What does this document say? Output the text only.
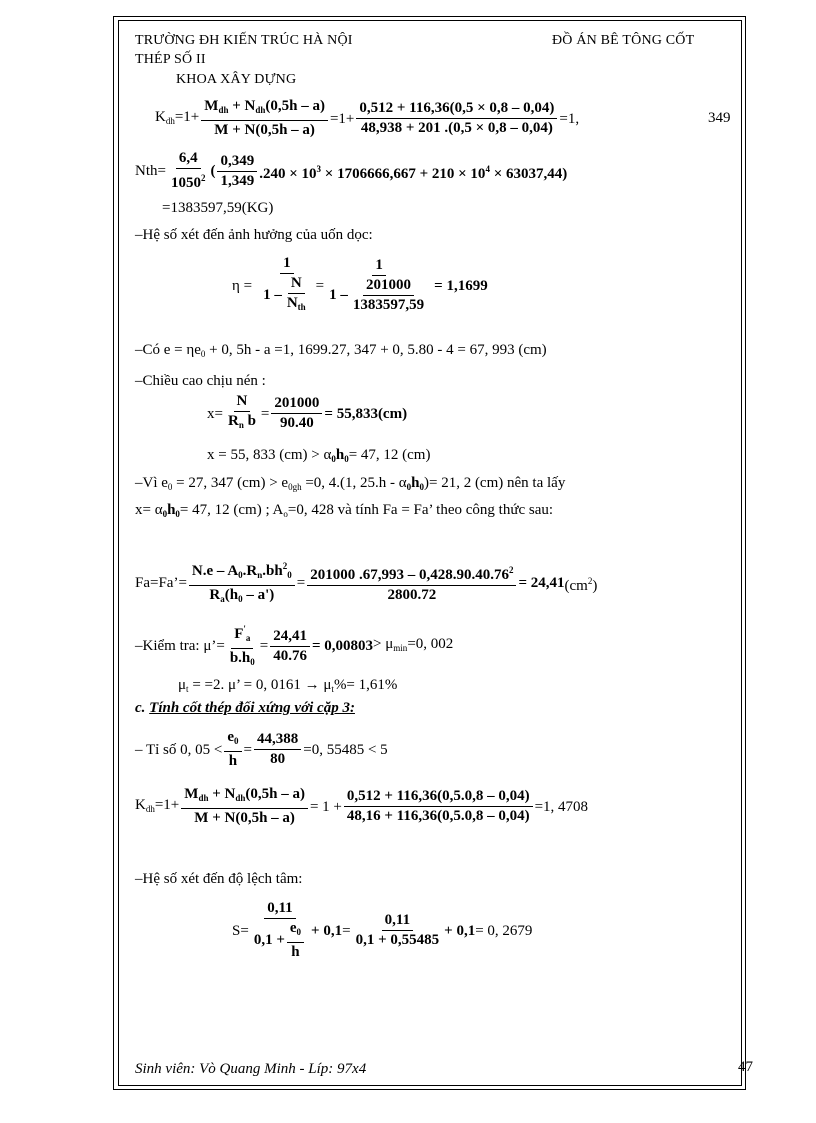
TRƯỜNG ĐH KIẾN TRÚC HÀ NỘI	ĐỒ ÁN BÊ TÔNG CỐT
THÉP SỐ II
KHOA XÂY DỰNG
$K_{dh}=1+ \frac{M_{dh} + N_{dh}(0,5h - a)}{M + N(0,5h - a)} =1+ \frac{0,512 + 116,36(0,5 \times 0,8 - 0,04)}{48,938 + 201 .(0,5 \times 0,8 - 0,04)} =1$,	349
$Nth= \frac{6,4}{1050^2}$ ( $\frac{0,349}{1,349} .240 \times 10^3 \times 1706666,667 + 210 \times 10^4 \times 63037,44$)
=1383597,59(KG)
–Hệ số xét đến ảnh hưởng của uốn dọc:
$\eta = \frac{1}{1 - \frac{N}{N_{th}}} = \frac{1}{1 - \frac{201000}{1383597,59}} = 1,1699$
–Có $e = \eta e_0 + 0$, 5h - a =1, 1699.27, 347 + 0, 5.80 - 4 = 67, 993 (cm)
–Chiều cao chịu nén :
$x= \frac{N}{R_n b} = \frac{201000}{90.40} = 55,833(cm)$
x = 55, 833 $(cm) > \alpha_0h_0= 47$, 12 (cm)
–Vì $e_0 = 27$, 347 $(cm) > e_{0gh} =0$, 4.(1, $25.h - \alpha_0h_0)= 21$, 2 (cm) nên ta lấy
$x= \alpha_0h_0= 47$, 12 (cm) ; $A_o=0$, 428 và tính Fa = Fa’ theo công thức sau:
Fa=Fa’= $\frac{N.e - A_0.R_n.bh^2_0}{R_a(h_0 - a')} = \frac{201000 .67,993 - 0,428.90.40.76^2}{2800.72} = 24,41$ $(cm^2)$
–Kiểm tra: μ’= $\frac{F'_a}{b.h_0} = \frac{24,41}{40.76} = 0,00803 > \mu_{min}=0$, 002
$\mu_t = =2$. μ’ = 0, $0161 \to \mu_t\%= 1,61\%$
c. Tính cốt thép đối xứng với cặp 3:
– Tỉ số 0, $05 < \frac{e_0}{h} = \frac{44,388}{80} =0$, 55485 < 5
$K_{dh}=1+ \frac{M_{dh} + N_{dh}(0,5h - a)}{M + N(0,5h - a)} = 1 + \frac{0,512 + 116,36(0,5.0,8 - 0,04)}{48,16 + 116,36(0,5.0,8 - 0,04)} =1$, 4708
–Hệ số xét đến độ lệch tâm:
$S= \frac{0,11}{0,1 + \frac{e_0}{h}} + 0,1 = \frac{0,11}{0,1 + 0,55485} + 0,1 = 0$, 2679
Sinh viên: Vò Quang Minh - Líp: 97x4	47
